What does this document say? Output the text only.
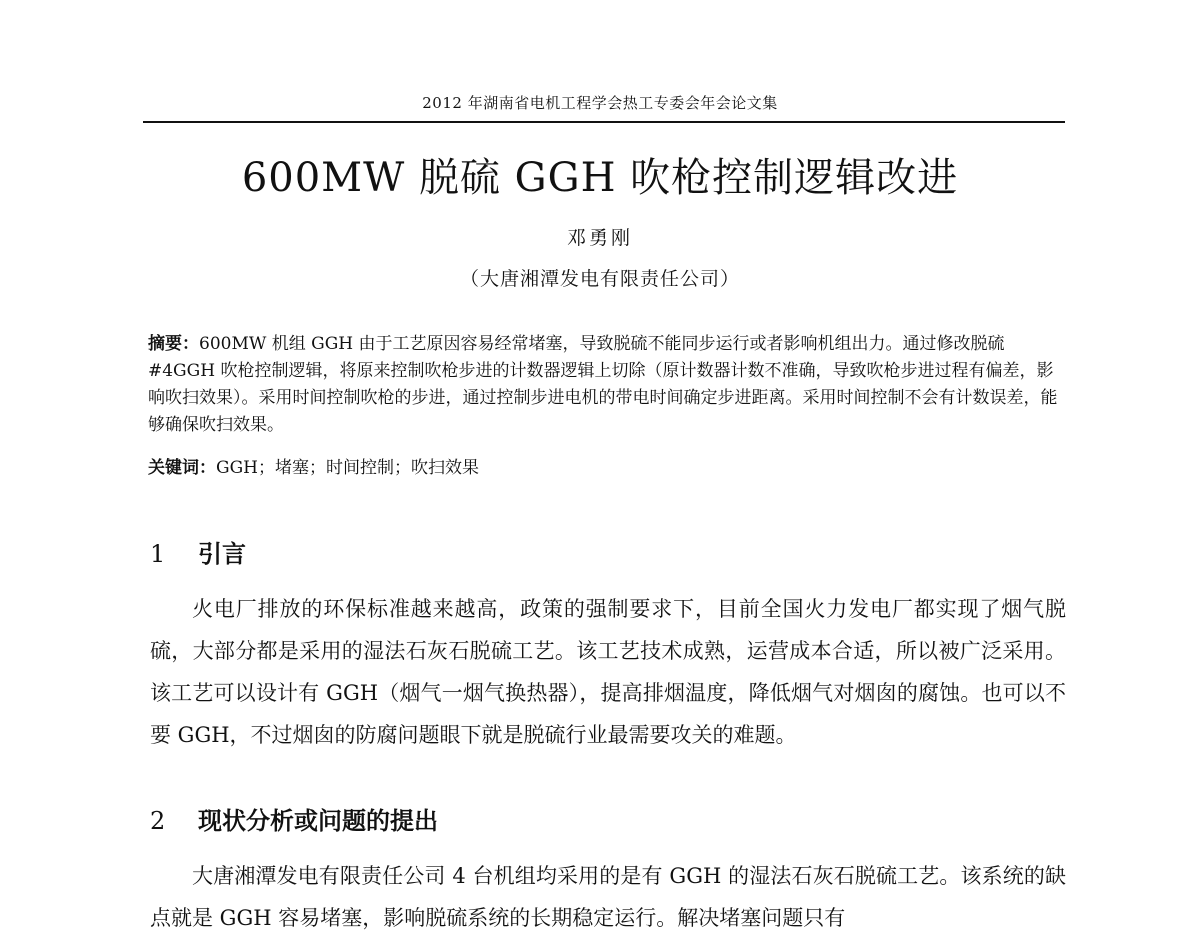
2012 年湖南省电机工程学会热工专委会年会论文集
600MW 脱硫 GGH 吹枪控制逻辑改进
邓勇刚
（大唐湘潭发电有限责任公司）
摘要：600MW 机组 GGH 由于工艺原因容易经常堵塞，导致脱硫不能同步运行或者影响机组出力。通过修改脱硫#4GGH 吹枪控制逻辑，将原来控制吹枪步进的计数器逻辑上切除（原计数器计数不准确，导致吹枪步进过程有偏差，影响吹扫效果）。采用时间控制吹枪的步进，通过控制步进电机的带电时间确定步进距离。采用时间控制不会有计数误差，能够确保吹扫效果。
关键词：GGH；堵塞；时间控制；吹扫效果
1 引言
火电厂排放的环保标准越来越高，政策的强制要求下，目前全国火力发电厂都实现了烟气脱硫，大部分都是采用的湿法石灰石脱硫工艺。该工艺技术成熟，运营成本合适，所以被广泛采用。该工艺可以设计有 GGH（烟气一烟气换热器），提高排烟温度，降低烟气对烟囱的腐蚀。也可以不要 GGH，不过烟囱的防腐问题眼下就是脱硫行业最需要攻关的难题。
2 现状分析或问题的提出
大唐湘潭发电有限责任公司 4 台机组均采用的是有 GGH 的湿法石灰石脱硫工艺。该系统的缺点就是 GGH 容易堵塞，影响脱硫系统的长期稳定运行。解决堵塞问题只有
